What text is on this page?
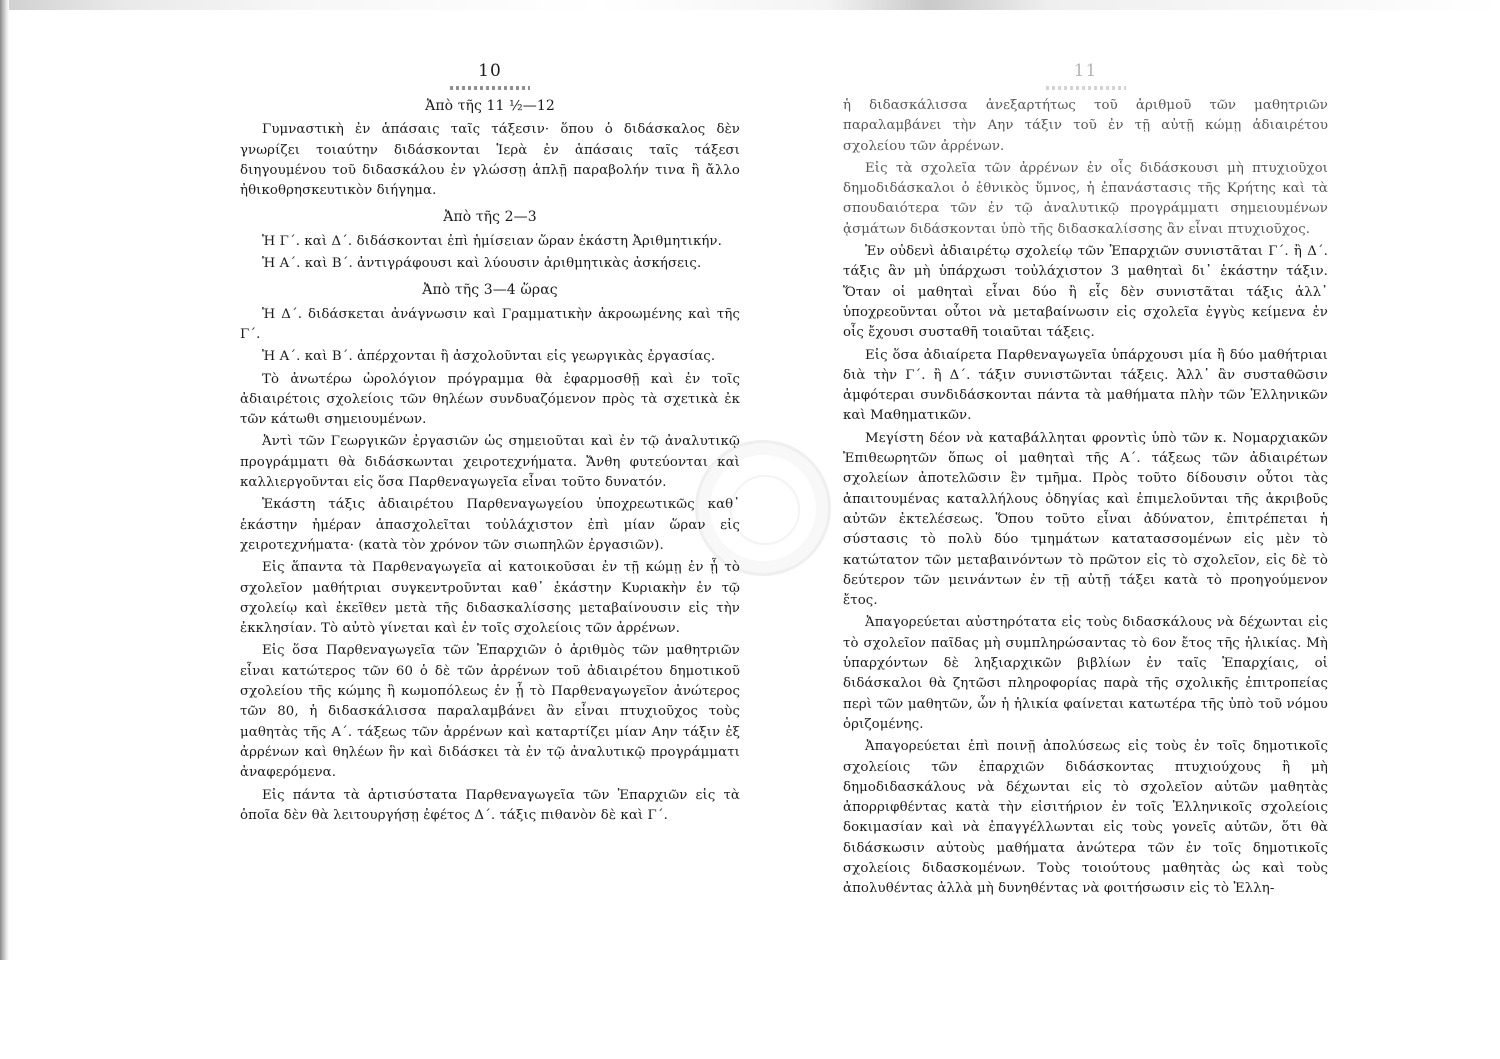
10
Ἀπὸ τῆς 11 ½—12

Γυμναστικὴ ἐν ἁπάσαις ταῖς τάξεσιν· ὅπου ὁ διδάσκαλος δὲν γνωρίζει τοιαύτην διδάσκονται Ἱερὰ ἐν ἁπάσαις ταῖς τάξεσι διηγουμένου τοῦ διδασκάλου ἐν γλώσσῃ ἁπλῇ παραβολήν τινα ἢ ἄλλο ἠθικοθρησκευτικὸν διήγημα.

Ἀπὸ τῆς 2—3

Ἡ Γ΄. καὶ Δ΄. διδάσκονται ἐπὶ ἡμίσειαν ὥραν ἑκάστη Ἀριθμητικήν.

Ἡ Α΄. καὶ Β΄. ἀντιγράφουσι καὶ λύουσιν ἀριθμητικὰς ἀσκήσεις.

Ἀπὸ τῆς 3—4 ὥρας

Ἡ Δ΄. διδάσκεται ἀνάγνωσιν καὶ Γραμματικὴν ἀκροωμένης καὶ τῆς Γ΄.

Ἡ Α΄. καὶ Β΄. ἀπέρχονται ἢ ἀσχολοῦνται εἰς γεωργικὰς ἐργασίας.

Τὸ ἀνωτέρω ὡρολόγιον πρόγραμμα θὰ ἐφαρμοσθῇ καὶ ἐν τοῖς ἀδιαιρέτοις σχολείοις τῶν θηλέων συνδυαζόμενον πρὸς τὰ σχετικὰ ἐκ τῶν κάτωθι σημειουμένων.

Ἀντὶ τῶν Γεωργικῶν ἐργασιῶν ὡς σημειοῦται καὶ ἐν τῷ ἀναλυτικῷ προγράμματι θὰ διδάσκωνται χειροτεχνήματα. Ἄνθη φυτεύονται καὶ καλλιεργοῦνται εἰς ὅσα Παρθεναγωγεῖα εἶναι τοῦτο δυνατόν.

Ἑκάστη τάξις ἀδιαιρέτου Παρθεναγωγείου ὑποχρεωτικῶς καθ᾽ ἑκάστην ἡμέραν ἀπασχολεῖται τοὐλάχιστον ἐπὶ μίαν ὥραν εἰς χειροτεχνήματα· (κατὰ τὸν χρόνον τῶν σιωπηλῶν ἐργασιῶν).

Εἰς ἅπαντα τὰ Παρθεναγωγεῖα αἱ κατοικοῦσαι ἐν τῇ κώμῃ ἐν ᾗ τὸ σχολεῖον μαθήτριαι συγκεντροῦνται καθ᾽ ἑκάστην Κυριακὴν ἐν τῷ σχολείῳ καὶ ἐκεῖθεν μετὰ τῆς διδασκαλίσσης μεταβαίνουσιν εἰς τὴν ἐκκλησίαν. Τὸ αὐτὸ γίνεται καὶ ἐν τοῖς σχολείοις τῶν ἀρρένων.

Εἰς ὅσα Παρθεναγωγεῖα τῶν Ἐπαρχιῶν ὁ ἀριθμὸς τῶν μαθητριῶν εἶναι κατώτερος τῶν 60 ὁ δὲ τῶν ἀρρένων τοῦ ἀδιαιρέτου δημοτικοῦ σχολείου τῆς κώμης ἢ κωμοπόλεως ἐν ᾗ τὸ Παρθεναγωγεῖον ἀνώτερος τῶν 80, ἡ διδασκάλισσα παραλαμβάνει ἂν εἶναι πτυχιοῦχος τοὺς μαθητὰς τῆς Α΄. τάξεως τῶν ἀρρένων καὶ καταρτίζει μίαν Αην τάξιν ἐξ ἀρρένων καὶ θηλέων ἣν καὶ διδάσκει τὰ ἐν τῷ ἀναλυτικῷ προγράμματι ἀναφερόμενα.

Εἰς πάντα τὰ ἀρτισύστατα Παρθεναγωγεῖα τῶν Ἐπαρχιῶν εἰς τὰ ὁποῖα δὲν θὰ λειτουργήσῃ ἐφέτος Δ΄. τάξις πιθανὸν δὲ καὶ Γ΄.

11

ἡ διδασκάλισσα ἀνεξαρτήτως τοῦ ἀριθμοῦ τῶν μαθητριῶν παραλαμβάνει τὴν Αην τάξιν τοῦ ἐν τῇ αὐτῇ κώμῃ ἀδιαιρέτου σχολείου τῶν ἀρρένων.

Εἰς τὰ σχολεῖα τῶν ἀρρένων ἐν οἷς διδάσκουσι μὴ πτυχιοῦχοι δημοδιδάσκαλοι ὁ ἐθνικὸς ὕμνος, ἡ ἐπανάστασις τῆς Κρήτης καὶ τὰ σπουδαιότερα τῶν ἐν τῷ ἀναλυτικῷ προγράμματι σημειουμένων ᾀσμάτων διδάσκονται ὑπὸ τῆς διδασκαλίσσης ἂν εἶναι πτυχιοῦχος.

Ἐν οὐδενὶ ἀδιαιρέτῳ σχολείῳ τῶν Ἐπαρχιῶν συνιστᾶται Γ΄. ἢ Δ΄. τάξις ἂν μὴ ὑπάρχωσι τοὐλάχιστον 3 μαθηταὶ δι᾽ ἑκάστην τάξιν. Ὅταν οἱ μαθηταὶ εἶναι δύο ἢ εἷς δὲν συνιστᾶται τάξις ἀλλ᾽ ὑποχρεοῦνται οὗτοι νὰ μεταβαίνωσιν εἰς σχολεῖα ἐγγὺς κείμενα ἐν οἷς ἔχουσι συσταθῆ τοιαῦται τάξεις.

Εἰς ὅσα ἀδιαίρετα Παρθεναγωγεῖα ὑπάρχουσι μία ἢ δύο μαθήτριαι διὰ τὴν Γ΄. ἢ Δ΄. τάξιν συνιστῶνται τάξεις. Ἀλλ᾽ ἂν συσταθῶσιν ἀμφότεραι συνδιδάσκονται πάντα τὰ μαθήματα πλὴν τῶν Ἑλληνικῶν καὶ Μαθηματικῶν.

Μεγίστη δέον νὰ καταβάλληται φροντὶς ὑπὸ τῶν κ. Νομαρχιακῶν Ἐπιθεωρητῶν ὅπως οἱ μαθηταὶ τῆς Α΄. τάξεως τῶν ἀδιαιρέτων σχολείων ἀποτελῶσιν ἓν τμῆμα. Πρὸς τοῦτο δίδουσιν οὗτοι τὰς ἀπαιτουμένας καταλλήλους ὁδηγίας καὶ ἐπιμελοῦνται τῆς ἀκριβοῦς αὐτῶν ἐκτελέσεως. Ὅπου τοῦτο εἶναι ἀδύνατον, ἐπιτρέπεται ἡ σύστασις τὸ πολὺ δύο τμημάτων κατατασσομένων εἰς μὲν τὸ κατώτατον τῶν μεταβαινόντων τὸ πρῶτον εἰς τὸ σχολεῖον, εἰς δὲ τὸ δεύτερον τῶν μεινάντων ἐν τῇ αὐτῇ τάξει κατὰ τὸ προηγούμενον ἔτος.

Ἀπαγορεύεται αὐστηρότατα εἰς τοὺς διδασκάλους νὰ δέχωνται εἰς τὸ σχολεῖον παῖδας μὴ συμπληρώσαντας τὸ 6ον ἔτος τῆς ἡλικίας. Μὴ ὑπαρχόντων δὲ ληξιαρχικῶν βιβλίων ἐν ταῖς Ἐπαρχίαις, οἱ διδάσκαλοι θὰ ζητῶσι πληροφορίας παρὰ τῆς σχολικῆς ἐπιτροπείας περὶ τῶν μαθητῶν, ὧν ἡ ἡλικία φαίνεται κατωτέρα τῆς ὑπὸ τοῦ νόμου ὁριζομένης.

Ἀπαγορεύεται ἐπὶ ποινῇ ἀπολύσεως εἰς τοὺς ἐν τοῖς δημοτικοῖς σχολείοις τῶν ἐπαρχιῶν διδάσκοντας πτυχιούχους ἢ μὴ δημοδιδασκάλους νὰ δέχωνται εἰς τὸ σχολεῖον αὐτῶν μαθητὰς ἀπορριφθέντας κατὰ τὴν εἰσιτήριον ἐν τοῖς Ἑλληνικοῖς σχολείοις δοκιμασίαν καὶ νὰ ἐπαγγέλλωνται εἰς τοὺς γονεῖς αὐτῶν, ὅτι θὰ διδάσκωσιν αὐτοὺς μαθήματα ἀνώτερα τῶν ἐν τοῖς δημοτικοῖς σχολείοις διδασκομένων. Τοὺς τοιούτους μαθητὰς ὡς καὶ τοὺς ἀπολυθέντας ἀλλὰ μὴ δυνηθέντας νὰ φοιτήσωσιν εἰς τὸ Ἑλλη-
